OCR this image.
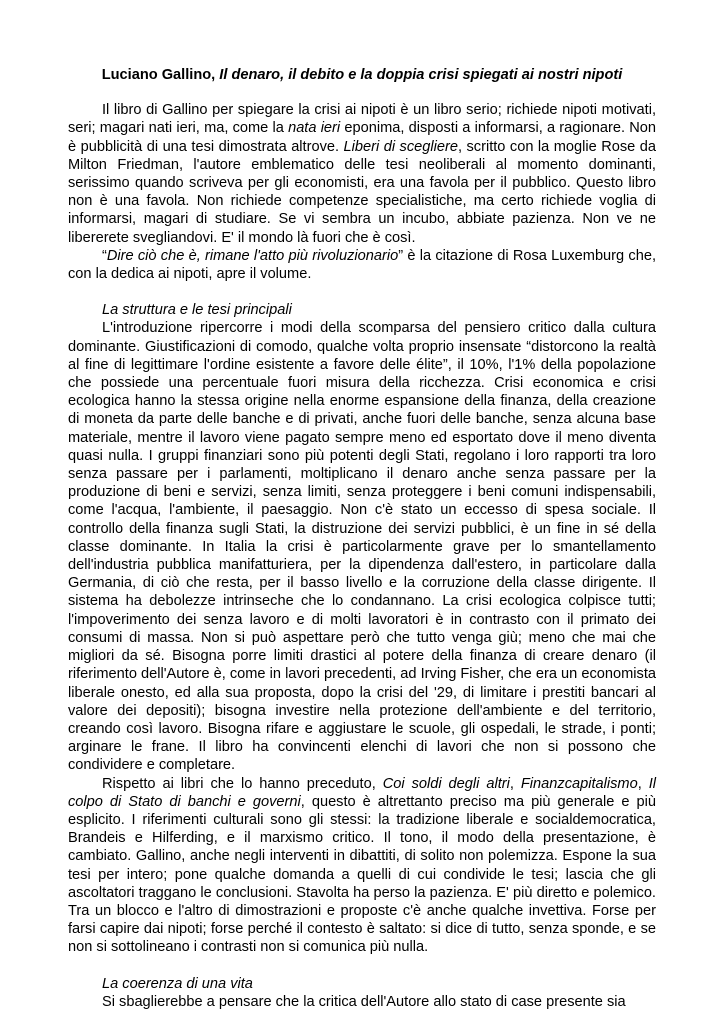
Luciano Gallino, Il denaro, il debito e la doppia crisi spiegati ai nostri nipoti

Il libro di Gallino per spiegare la crisi ai nipoti è un libro serio; richiede nipoti motivati, seri; magari nati ieri, ma, come la nata ieri eponima, disposti a informarsi, a ragionare. Non è pubblicità di una tesi dimostrata altrove. Liberi di scegliere, scritto con la moglie Rose da Milton Friedman, l'autore emblematico delle tesi neoliberali al momento dominanti, serissimo quando scriveva per gli economisti, era una favola per il pubblico. Questo libro non è una favola. Non richiede competenze specialistiche, ma certo richiede voglia di informarsi, magari di studiare. Se vi sembra un incubo, abbiate pazienza. Non ve ne libererete svegliandovi. E' il mondo là fuori che è così.

“Dire ciò che è, rimane l'atto più rivoluzionario” è la citazione di Rosa Luxemburg che, con la dedica ai nipoti, apre il volume.

La struttura e le tesi principali

L'introduzione ripercorre i modi della scomparsa del pensiero critico dalla cultura dominante. Giustificazioni di comodo, qualche volta proprio insensate “distorcono la realtà al fine di legittimare l'ordine esistente a favore delle élite”, il 10%, l'1% della popolazione che possiede una percentuale fuori misura della ricchezza. Crisi economica e crisi ecologica hanno la stessa origine nella enorme espansione della finanza, della creazione di moneta da parte delle banche e di privati, anche fuori delle banche, senza alcuna base materiale, mentre il lavoro viene pagato sempre meno ed esportato dove il meno diventa quasi nulla. I gruppi finanziari sono più potenti degli Stati, regolano i loro rapporti tra loro senza passare per i parlamenti, moltiplicano il denaro anche senza passare per la produzione di beni e servizi, senza limiti, senza proteggere i beni comuni indispensabili, come l'acqua, l'ambiente, il paesaggio. Non c'è stato un eccesso di spesa sociale. Il controllo della finanza sugli Stati, la distruzione dei servizi pubblici, è un fine in sé della classe dominante. In Italia la crisi è particolarmente grave per lo smantellamento dell'industria pubblica manifatturiera, per la dipendenza dall'estero, in particolare dalla Germania, di ciò che resta, per il basso livello e la corruzione della classe dirigente. Il sistema ha debolezze intrinseche che lo condannano. La crisi ecologica colpisce tutti; l'impoverimento dei senza lavoro e di molti lavoratori è in contrasto con il primato dei consumi di massa. Non si può aspettare però che tutto venga giù; meno che mai che migliori da sé. Bisogna porre limiti drastici al potere della finanza di creare denaro (il riferimento dell'Autore è, come in lavori precedenti, ad Irving Fisher, che era un economista liberale onesto, ed alla sua proposta, dopo la crisi del '29, di limitare i prestiti bancari al valore dei depositi); bisogna investire nella protezione dell'ambiente e del territorio, creando così lavoro. Bisogna rifare e aggiustare le scuole, gli ospedali, le strade, i ponti; arginare le frane. Il libro ha convincenti elenchi di lavori che non si possono che condividere e completare.

Rispetto ai libri che lo hanno preceduto, Coi soldi degli altri, Finanzcapitalismo, Il colpo di Stato di banchi e governi, questo è altrettanto preciso ma più generale e più esplicito. I riferimenti culturali sono gli stessi: la tradizione liberale e socialdemocratica, Brandeis e Hilferding, e il marxismo critico. Il tono, il modo della presentazione, è cambiato. Gallino, anche negli interventi in dibattiti, di solito non polemizza. Espone la sua tesi per intero; pone qualche domanda a quelli di cui condivide le tesi; lascia che gli ascoltatori traggano le conclusioni. Stavolta ha perso la pazienza. E' più diretto e polemico. Tra un blocco e l'altro di dimostrazioni e proposte c'è anche qualche invettiva. Forse per farsi capire dai nipoti; forse perché il contesto è saltato: si dice di tutto, senza sponde, e se non si sottolineano i contrasti non si comunica più nulla.

La coerenza di una vita

Si sbaglierebbe a pensare che la critica dell'Autore allo stato di case presente sia
